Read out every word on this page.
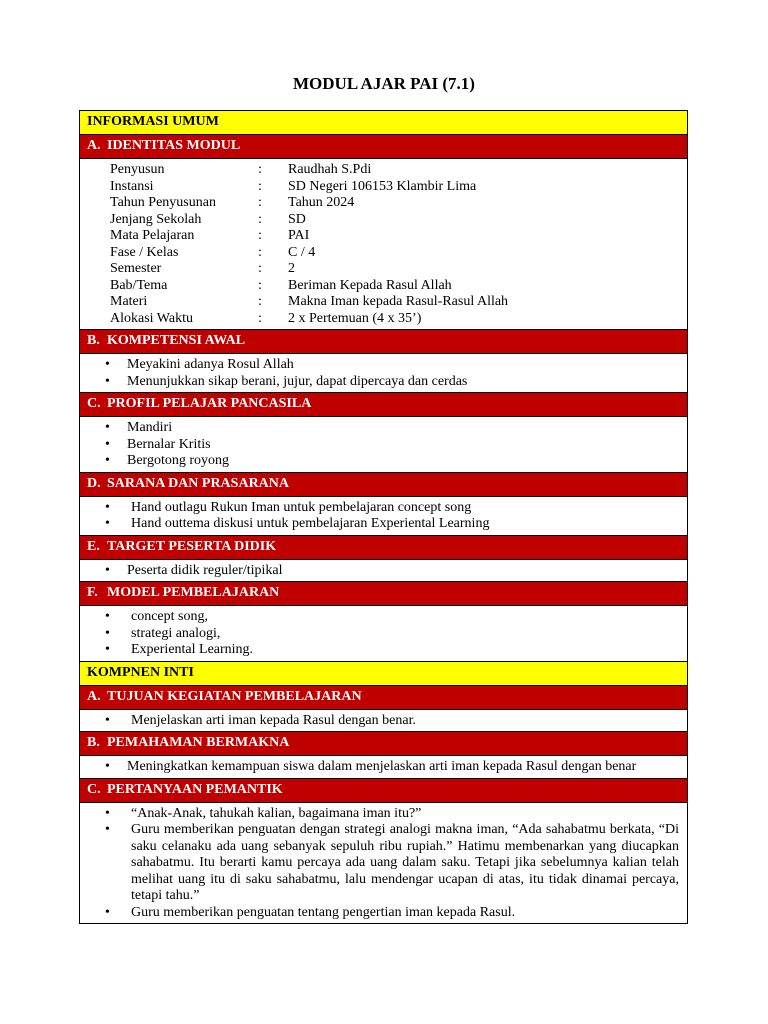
MODUL AJAR PAI (7.1)
INFORMASI UMUM
A. IDENTITAS MODUL
Penyusun	:	Raudhah S.Pdi
Instansi	:	SD Negeri 106153 Klambir Lima
Tahun Penyusunan	:	Tahun 2024
Jenjang Sekolah	:	SD
Mata Pelajaran	:	PAI
Fase / Kelas	:	C / 4
Semester	:	2
Bab/Tema	:	Beriman Kepada Rasul Allah
Materi	:	Makna Iman kepada Rasul-Rasul Allah
Alokasi Waktu	:	2 x Pertemuan (4 x 35’)
B. KOMPETENSI AWAL
•	Meyakini adanya Rosul Allah
•	Menunjukkan sikap berani, jujur, dapat dipercaya dan cerdas
C. PROFIL PELAJAR PANCASILA
•	Mandiri
•	Bernalar Kritis
•	Bergotong royong
D. SARANA DAN PRASARANA
•	Hand outlagu Rukun Iman untuk pembelajaran concept song
•	Hand outtema diskusi untuk pembelajaran Experiental Learning
E. TARGET PESERTA DIDIK
•	Peserta didik reguler/tipikal
F. MODEL PEMBELAJARAN
•	concept song,
•	strategi analogi,
•	Experiental Learning.
KOMPNEN INTI
A. TUJUAN KEGIATAN PEMBELAJARAN
•	Menjelaskan arti iman kepada Rasul dengan benar.
B. PEMAHAMAN BERMAKNA
•	Meningkatkan kemampuan siswa dalam menjelaskan arti iman kepada Rasul dengan benar
C. PERTANYAAN PEMANTIK
•	“Anak-Anak, tahukah kalian, bagaimana iman itu?”
•	Guru memberikan penguatan dengan strategi analogi makna iman, “Ada sahabatmu berkata, “Di saku celanaku ada uang sebanyak sepuluh ribu rupiah.” Hatimu membenarkan yang diucapkan sahabatmu. Itu berarti kamu percaya ada uang dalam saku. Tetapi jika sebelumnya kalian telah melihat uang itu di saku sahabatmu, lalu mendengar ucapan di atas, itu tidak dinamai percaya, tetapi tahu.”
•	Guru memberikan penguatan tentang pengertian iman kepada Rasul.
